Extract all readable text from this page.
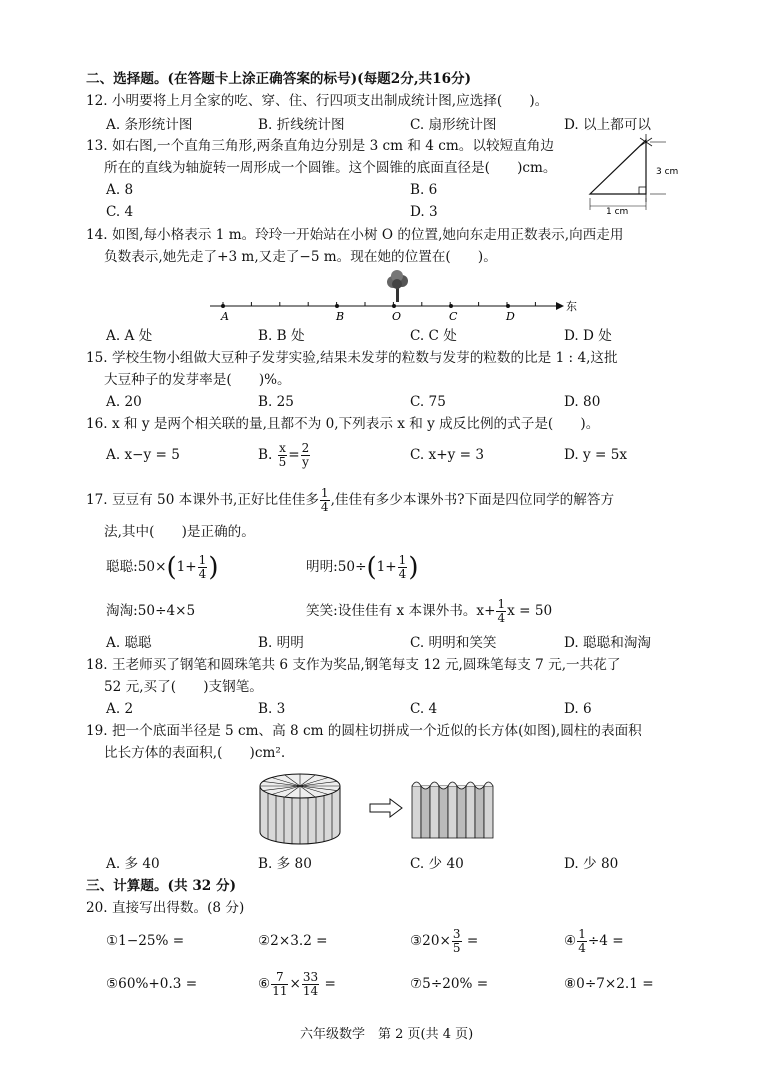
二、选择题。(在答题卡上涂正确答案的标号)(每题2分,共16分)
12. 小明要将上月全家的吃、穿、住、行四项支出制成统计图,应选择(　　)。
A. 条形统计图	B. 折线统计图	C. 扇形统计图	D. 以上都可以
13. 如右图,一个直角三角形,两条直角边分别是 3 cm 和 4 cm。以较短直角边
所在的直线为轴旋转一周形成一个圆锥。这个圆锥的底面直径是(　　)cm。
A. 8	B. 6
C. 4	D. 3
3 cm
1 cm
14. 如图,每小格表示 1 m。玲玲一开始站在小树 O 的位置,她向东走用正数表示,向西走用
负数表示,她先走了+3 m,又走了−5 m。现在她的位置在(　　)。
A	B	O	C	D
东
A. A 处	B. B 处	C. C 处	D. D 处
15. 学校生物小组做大豆种子发芽实验,结果未发芽的粒数与发芽的粒数的比是 1 : 4,这批
大豆种子的发芽率是(　　)%。
A. 20	B. 25	C. 75	D. 80
16. x 和 y 是两个相关联的量,且都不为 0,下列表示 x 和 y 成反比例的式子是(　　)。
A. x−y = 5	B. $\frac{x}{5} = \frac{2}{y}$	C. x+y = 3	D. y = 5x
17. 豆豆有 50 本课外书,正好比佳佳多 $\frac{1}{4}$ ,佳佳有多少本课外书?下面是四位同学的解答方
法,其中(　　)是正确的。
聪聪:50×(1+ $\frac{1}{4}$ )	明明:50÷(1+ $\frac{1}{4}$ )
淘淘:50÷4×5	笑笑:设佳佳有 x 本课外书。$x+ \frac{1}{4}$ x = 50
A. 聪聪	B. 明明	C. 明明和笑笑	D. 聪聪和淘淘
18. 王老师买了钢笔和圆珠笔共 6 支作为奖品,钢笔每支 12 元,圆珠笔每支 7 元,一共花了
52 元,买了(　　)支钢笔。
A. 2	B. 3	C. 4	D. 6
19. 把一个底面半径是 5 cm、高 8 cm 的圆柱切拼成一个近似的长方体(如图),圆柱的表面积
比长方体的表面积,(　　)cm².
A. 多 40	B. 多 80	C. 少 40	D. 少 80
三、计算题。(共 32 分)
20. 直接写出得数。(8 分)
①1−25% =	②2×3.2 =	③20× $\frac{3}{5}$ =	④ $\frac{1}{4} \div 4$ =
⑤60%+0.3 =	⑥ $\frac{7}{11} \times \frac{33}{14}$ =	⑦5÷20% =	⑧0÷7×2.1 =
六年级数学　第 2 页(共 4 页)
